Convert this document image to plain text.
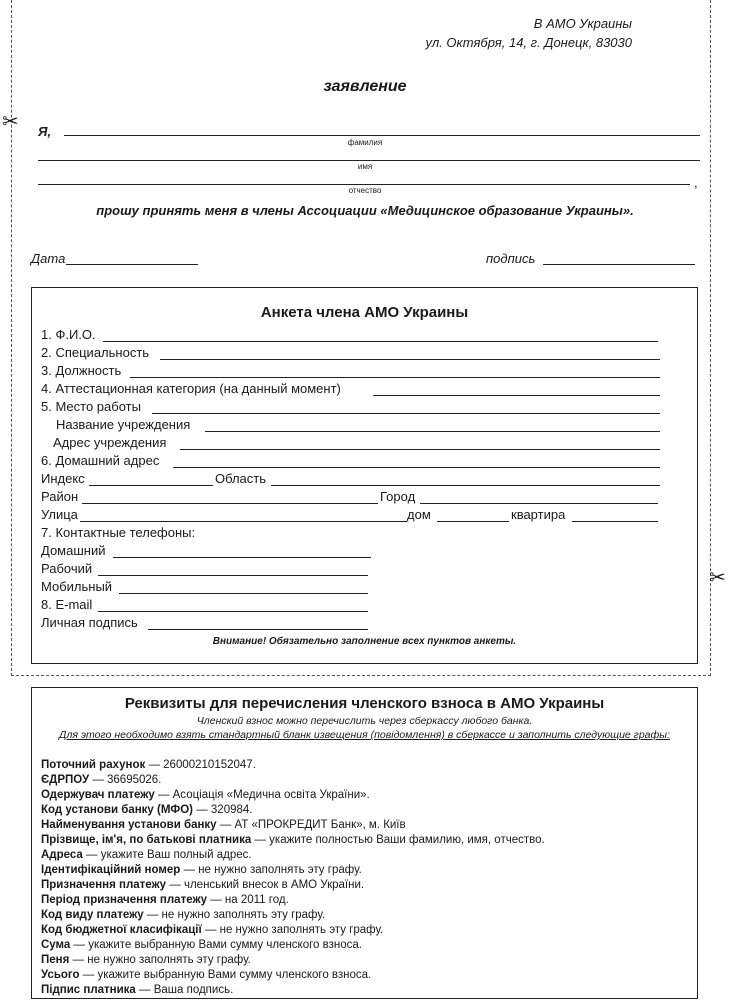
✂
✂
В АМО Украины
ул. Октября, 14, г. Донецк, 83030
заявление
Я,
фамилия
имя
,
отчество
прошу принять меня в члены Ассоциации «Медицинское образование Украины».
Дата	подпись
Анкета члена АМО Украины
1. Ф.И.О.
2. Специальность
3. Должность
4. Аттестационная категория (на данный момент)
5. Место работы
Название учреждения
Адрес учреждения
6. Домашний адрес
Индекс	Область
Район	Город
Улица	дом	квартира
7. Контактные телефоны:
Домашний
Рабочий
Мобильный
8. E-mail
Личная подпись
Внимание! Обязательно заполнение всех пунктов анкеты.
Реквизиты для перечисления членского взноса в АМО Украины
Членский взнос можно перечислить через сберкассу любого банка.
Для этого необходимо взять стандартный бланк извещения (повідомлення) в сберкассе и заполнить следующие графы:
Поточний рахунок — 26000210152047.
ЄДРПОУ — 36695026.
Одержувач платежу — Асоціація «Медична освіта України».
Код установи банку (МФО) — 320984.
Найменування установи банку — АТ «ПРОКРЕДИТ Банк», м. Київ
Прізвище, ім'я, по батькові платника — укажите полностью Ваши фамилию, имя, отчество.
Адреса — укажите Ваш полный адрес.
Ідентифікаційний номер — не нужно заполнять эту графу.
Призначення платежу — членський внесок в АМО України.
Період призначення платежу — на 2011 год.
Код виду платежу — не нужно заполнять эту графу.
Код бюджетної класифікації — не нужно заполнять эту графу.
Сума — укажите выбранную Вами сумму членского взноса.
Пеня — не нужно заполнять эту графу.
Усього — укажите выбранную Вами сумму членского взноса.
Підпис платника — Ваша подпись.
